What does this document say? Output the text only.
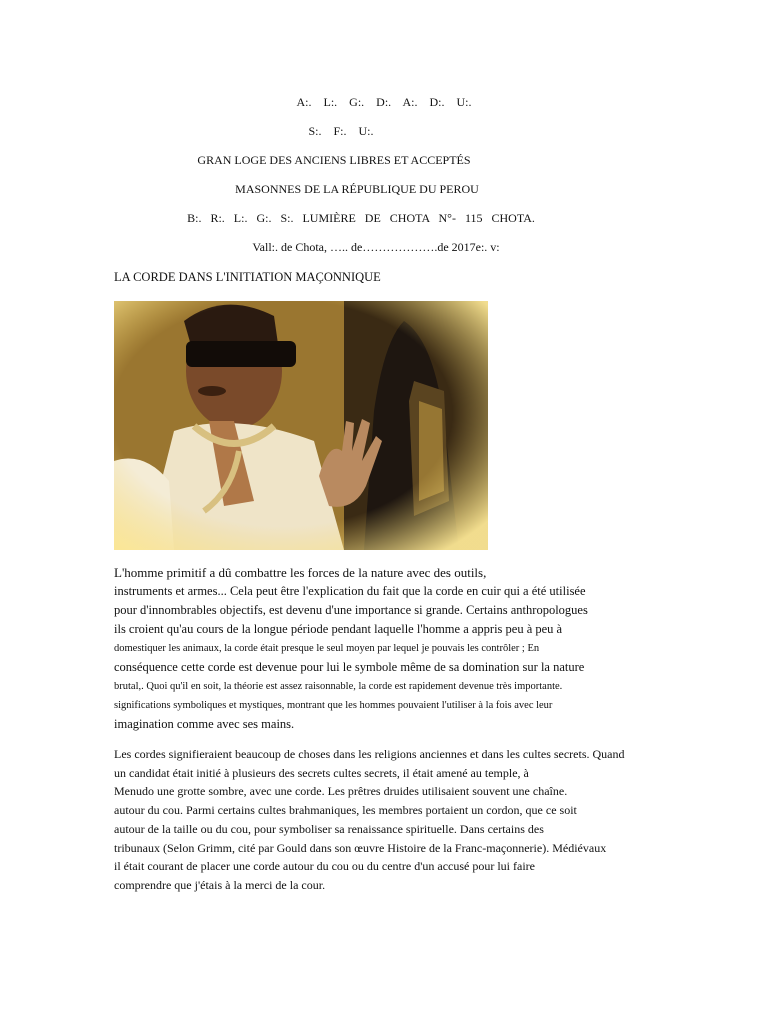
A:. L:. G:. D:. A:. D:. U:.
S:. F:. U:.
GRAN LOGE DES ANCIENS LIBRES ET ACCEPTÉS
MASONNES DE LA RÉPUBLIQUE DU PEROU
B:. R:. L:. G:. S:. LUMIÈRE DE CHOTA N°- 115 CHOTA.
Vall:. de Chota, ….. de……………….de 2017e:. v:
LA CORDE DANS L'INITIATION MAÇONNIQUE
L'homme primitif a dû combattre les forces de la nature avec des outils,
instruments et armes... Cela peut être l'explication du fait que la corde en cuir qui a été utilisée
pour d'innombrables objectifs, est devenu d'une importance si grande. Certains anthropologues
ils croient qu'au cours de la longue période pendant laquelle l'homme a appris peu à peu à
domestiquer les animaux, la corde était presque le seul moyen par lequel je pouvais les contrôler ; En
conséquence cette corde est devenue pour lui le symbole même de sa domination sur la nature
brutal,. Quoi qu'il en soit, la théorie est assez raisonnable, la corde est rapidement devenue très importante.
significations symboliques et mystiques, montrant que les hommes pouvaient l'utiliser à la fois avec leur
imagination comme avec ses mains.
Les cordes signifieraient beaucoup de choses dans les religions anciennes et dans les cultes secrets. Quand
un candidat était initié à plusieurs des secrets cultes secrets, il était amené au temple, à
Menudo une grotte sombre, avec une corde. Les prêtres druides utilisaient souvent une chaîne.
autour du cou. Parmi certains cultes brahmaniques, les membres portaient un cordon, que ce soit
autour de la taille ou du cou, pour symboliser sa renaissance spirituelle. Dans certains des
tribunaux (Selon Grimm, cité par Gould dans son œuvre Histoire de la Franc-maçonnerie). Médiévaux
il était courant de placer une corde autour du cou ou du centre d'un accusé pour lui faire
comprendre que j'étais à la merci de la cour.
